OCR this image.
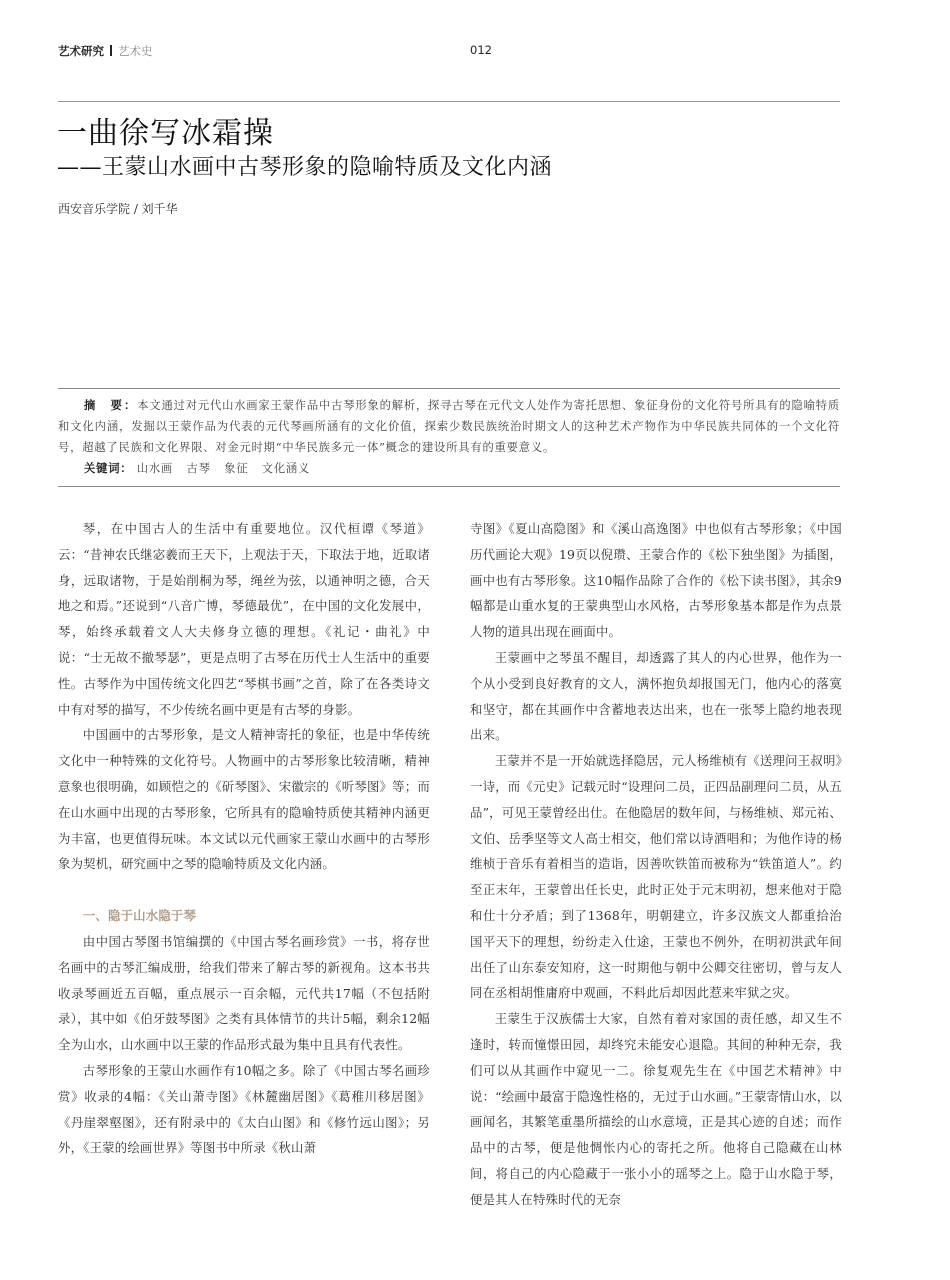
艺术研究 艺术史	012
一曲徐写冰霜操
——王蒙山水画中古琴形象的隐喻特质及文化内涵
西安音乐学院 / 刘千华
摘　要：本文通过对元代山水画家王蒙作品中古琴形象的解析，探寻古琴在元代文人处作为寄托思想、象征身份的文化符号所具有的隐喻特质和文化内涵，发掘以王蒙作品为代表的元代琴画所涵有的文化价值，探索少数民族统治时期文人的这种艺术产物作为中华民族共同体的一个文化符号，超越了民族和文化界限、对金元时期“中华民族多元一体”概念的建设所具有的重要意义。
关键词： 山水画 古琴 象征 文化涵义

琴，在中国古人的生活中有重要地位。汉代桓谭《琴道》云：“昔神农氏继宓羲而王天下，上观法于天，下取法于地，近取诸身，远取诸物，于是始削桐为琴，绳丝为弦，以通神明之德，合天地之和焉。”还说到“八音广博，琴德最优”，在中国的文化发展中，琴，始终承载着文人大夫修身立德的理想。《礼记・曲礼》中说：“士无故不撤琴瑟”，更是点明了古琴在历代士人生活中的重要性。古琴作为中国传统文化四艺“琴棋书画”之首，除了在各类诗文中有对琴的描写，不少传统名画中更是有古琴的身影。

中国画中的古琴形象，是文人精神寄托的象征，也是中华传统文化中一种特殊的文化符号。人物画中的古琴形象比较清晰，精神意象也很明确，如顾恺之的《斫琴图》、宋徽宗的《听琴图》等；而在山水画中出现的古琴形象，它所具有的隐喻特质使其精神内涵更为丰富，也更值得玩味。本文试以元代画家王蒙山水画中的古琴形象为契机，研究画中之琴的隐喻特质及文化内涵。

一、隐于山水隐于琴

由中国古琴图书馆编撰的《中国古琴名画珍赏》一书，将存世名画中的古琴汇编成册，给我们带来了解古琴的新视角。这本书共收录琴画近五百幅，重点展示一百余幅，元代共17幅（不包括附录），其中如《伯牙鼓琴图》之类有具体情节的共计5幅，剩余12幅全为山水，山水画中以王蒙的作品形式最为集中且具有代表性。

古琴形象的王蒙山水画作有10幅之多。除了《中国古琴名画珍赏》收录的4幅：《关山萧寺图》《林麓幽居图》《葛稚川移居图》《丹崖翠壑图》，还有附录中的《太白山图》和《修竹远山图》；另外，《王蒙的绘画世界》等图书中所录《秋山萧

寺图》《夏山高隐图》和《溪山高逸图》中也似有古琴形象；《中国历代画论大观》19页以倪瓒、王蒙合作的《松下独坐图》为插图，画中也有古琴形象。这10幅作品除了合作的《松下读书图》，其余9幅都是山重水复的王蒙典型山水风格，古琴形象基本都是作为点景人物的道具出现在画面中。

王蒙画中之琴虽不醒目，却透露了其人的内心世界，他作为一个从小受到良好教育的文人，满怀抱负却报国无门，他内心的落寞和坚守，都在其画作中含蓄地表达出来，也在一张琴上隐约地表现出来。

王蒙并不是一开始就选择隐居，元人杨维桢有《送理问王叔明》一诗，而《元史》记载元时“设理问二员，正四品副理问二员，从五品”，可见王蒙曾经出仕。在他隐居的数年间，与杨维桢、郑元祐、文伯、岳季坚等文人高士相交，他们常以诗酒唱和；为他作诗的杨维桢于音乐有着相当的造诣，因善吹铁笛而被称为“铁笛道人”。约至正末年，王蒙曾出任长史，此时正处于元末明初，想来他对于隐和仕十分矛盾；到了1368年，明朝建立，许多汉族文人都重拾治国平天下的理想，纷纷走入仕途，王蒙也不例外，在明初洪武年间出任了山东泰安知府，这一时期他与朝中公卿交往密切，曾与友人同在丞相胡惟庸府中观画，不料此后却因此惹来牢狱之灾。

王蒙生于汉族儒士大家，自然有着对家国的责任感，却又生不逢时，转而憧憬田园，却终究未能安心退隐。其间的种种无奈，我们可以从其画作中窥见一二。徐复观先生在《中国艺术精神》中说：“绘画中最富于隐逸性格的，无过于山水画。”王蒙寄情山水，以画闻名，其繁笔重墨所描绘的山水意境，正是其心迹的自述；而作品中的古琴，便是他惆怅内心的寄托之所。他将自己隐藏在山林间，将自己的内心隐藏于一张小小的瑶琴之上。隐于山水隐于琴，便是其人在特殊时代的无奈
